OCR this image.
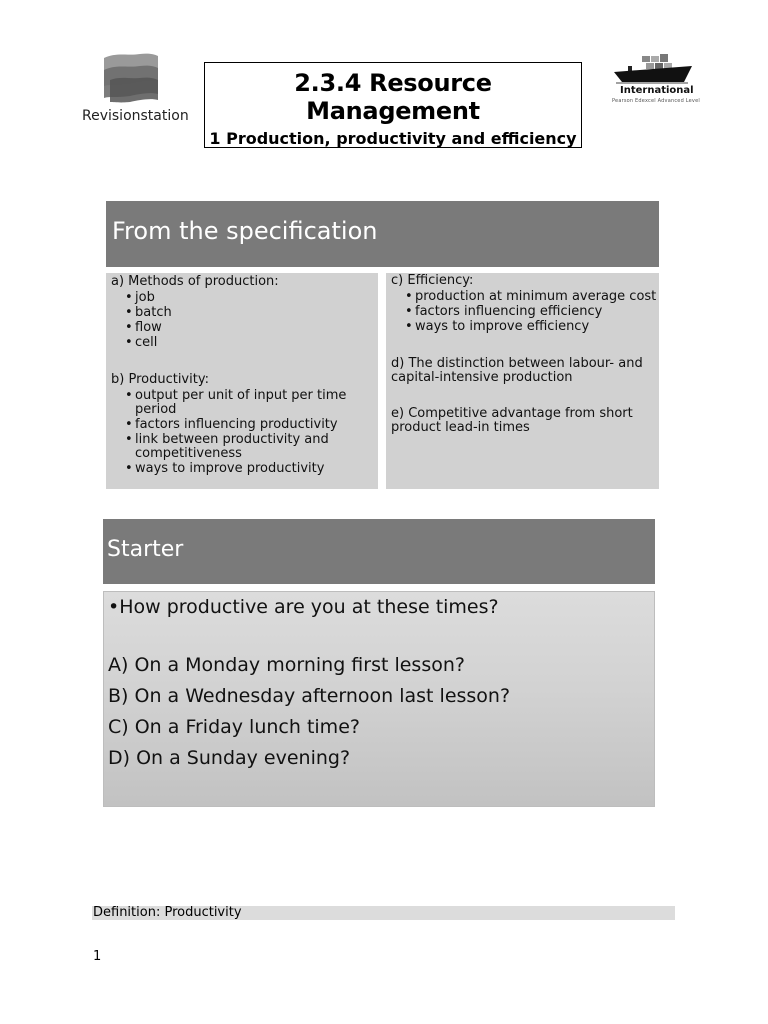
Revisionstation
2.3.4 Resource Management
1 Production, productivity and efficiency
International
Pearson Edexcel Advanced Level
From the specification

a) Methods of production:

• job
• batch
• flow
• cell

b) Productivity:

• output per unit of input per time period
• factors influencing productivity
• link between productivity and competitiveness
• ways to improve productivity

c) Efficiency:

• production at minimum average cost
• factors influencing efficiency
• ways to improve efficiency

d) The distinction between labour- and capital-intensive production

e) Competitive advantage from short product lead-in times

Starter

•How productive are you at these times?

A) On a Monday morning first lesson?

B) On a Wednesday afternoon last lesson?

C) On a Friday lunch time?

D) On a Sunday evening?

Definition: Productivity
1
